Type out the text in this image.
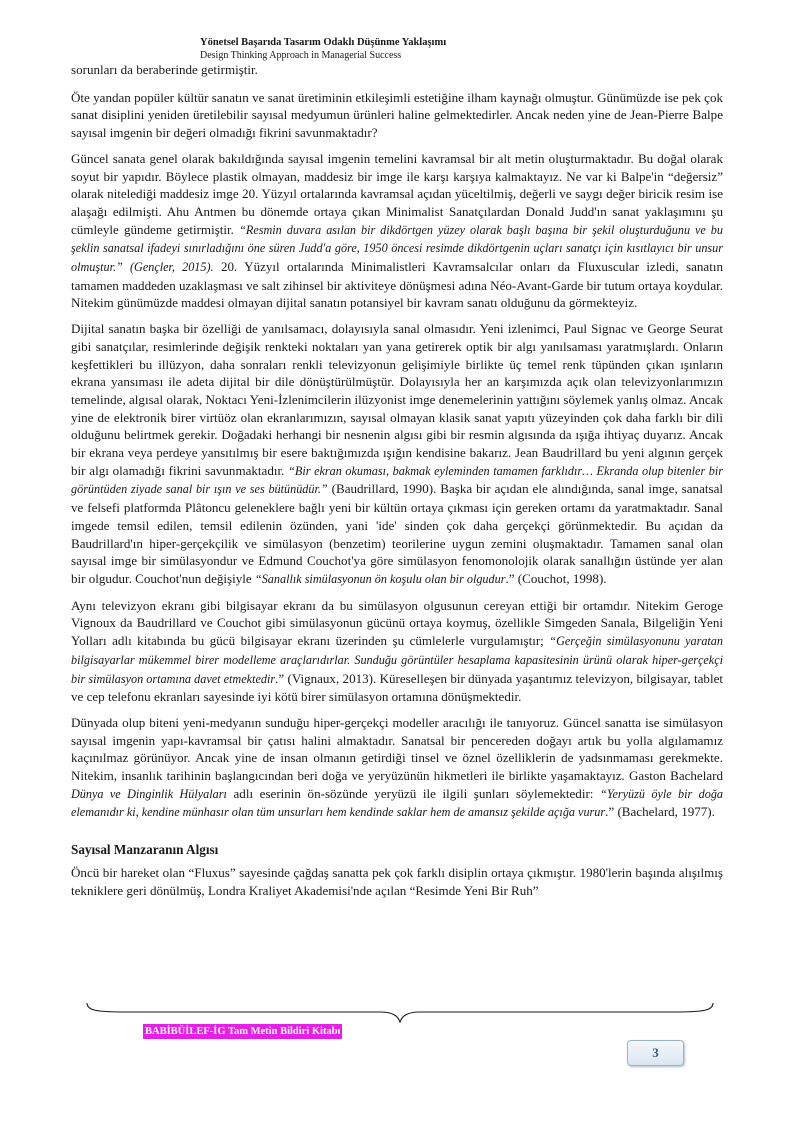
Yönetsel Başarıda Tasarım Odaklı Düşünme Yaklaşımı
Design Thinking Approach in Managerial Success

sorunları da beraberinde getirmiştir.

Öte yandan popüler kültür sanatın ve sanat üretiminin etkileşimli estetiğine ilham kaynağı olmuştur. Günümüzde ise pek çok sanat disiplini yeniden üretilebilir sayısal medyumun ürünleri haline gelmektedirler. Ancak neden yine de Jean-Pierre Balpe sayısal imgenin bir değeri olmadığı fikrini savunmaktadır?

Güncel sanata genel olarak bakıldığında sayısal imgenin temelini kavramsal bir alt metin oluşturmaktadır. Bu doğal olarak soyut bir yapıdır. Böylece plastik olmayan, maddesiz bir imge ile karşı karşıya kalmaktayız. Ne var ki Balpe'in “değersiz” olarak nitelediği maddesiz imge 20. Yüzyıl ortalarında kavramsal açıdan yüceltilmiş, değerli ve saygı değer biricik resim ise alaşağı edilmişti. Ahu Antmen bu dönemde ortaya çıkan Minimalist Sanatçılardan Donald Judd'ın sanat yaklaşımını şu cümleyle gündeme getirmiştir. “Resmin duvara asılan bir dikdörtgen yüzey olarak başlı başına bir şekil oluşturduğunu ve bu şeklin sanatsal ifadeyi sınırladığını öne süren Judd'a göre, 1950 öncesi resimde dikdörtgenin uçları sanatçı için kısıtlayıcı bir unsur olmuştur.” (Gençler, 2015). 20. Yüzyıl ortalarında Minimalistleri Kavramsalcılar onları da Fluxuscular izledi, sanatın tamamen maddeden uzaklaşması ve salt zihinsel bir aktiviteye dönüşmesi adına Néo-Avant-Garde bir tutum ortaya koydular. Nitekim günümüzde maddesi olmayan dijital sanatın potansiyel bir kavram sanatı olduğunu da görmekteyiz.

Dijital sanatın başka bir özelliği de yanılsamacı, dolayısıyla sanal olmasıdır. Yeni izlenimci, Paul Signac ve George Seurat gibi sanatçılar, resimlerinde değişik renkteki noktaları yan yana getirerek optik bir algı yanılsaması yaratmışlardı. Onların keşfettikleri bu illüzyon, daha sonraları renkli televizyonun gelişimiyle birlikte üç temel renk tüpünden çıkan ışınların ekrana yansıması ile adeta dijital bir dile dönüştürülmüştür. Dolayısıyla her an karşımızda açık olan televizyonlarımızın temelinde, algısal olarak, Noktacı Yeni-İzlenimcilerin ilüzyonist imge denemelerinin yattığını söylemek yanlış olmaz. Ancak yine de elektronik birer virtüöz olan ekranlarımızın, sayısal olmayan klasik sanat yapıtı yüzeyinden çok daha farklı bir dili olduğunu belirtmek gerekir. Doğadaki herhangi bir nesnenin algısı gibi bir resmin algısında da ışığa ihtiyaç duyarız. Ancak bir ekrana veya perdeye yansıtılmış bir esere baktığımızda ışığın kendisine bakarız. Jean Baudrillard bu yeni algının gerçek bir algı olamadığı fikrini savunmaktadır. “Bir ekran okuması, bakmak eyleminden tamamen farklıdır… Ekranda olup bitenler bir görüntüden ziyade sanal bir ışın ve ses bütünüdür.” (Baudrillard, 1990). Başka bir açıdan ele alındığında, sanal imge, sanatsal ve felsefi platformda Plâtoncu geleneklere bağlı yeni bir kültün ortaya çıkması için gereken ortamı da yaratmaktadır. Sanal imgede temsil edilen, temsil edilenin özünden, yani 'ide' sinden çok daha gerçekçi görünmektedir. Bu açıdan da Baudrillard'ın hiper-gerçekçilik ve simülasyon (benzetim) teorilerine uygun zemini oluşmaktadır. Tamamen sanal olan sayısal imge bir simülasyondur ve Edmund Couchot'ya göre simülasyon fenomonolojik olarak sanallığın üstünde yer alan bir olgudur. Couchot'nun değişiyle “Sanallık simülasyonun ön koşulu olan bir olgudur.” (Couchot, 1998).

Aynı televizyon ekranı gibi bilgisayar ekranı da bu simülasyon olgusunun cereyan ettiği bir ortamdır. Nitekim Geroge Vignoux da Baudrillard ve Couchot gibi simülasyonun gücünü ortaya koymuş, özellikle Simgeden Sanala, Bilgeliğin Yeni Yolları adlı kitabında bu gücü bilgisayar ekranı üzerinden şu cümlelerle vurgulamıştır; “Gerçeğin simülasyonunu yaratan bilgisayarlar mükemmel birer modelleme araçlarıdırlar. Sunduğu görüntüler hesaplama kapasitesinin ürünü olarak hiper-gerçekçi bir simülasyon ortamına davet etmektedir.” (Vignaux, 2013). Küreselleşen bir dünyada yaşantımız televizyon, bilgisayar, tablet ve cep telefonu ekranları sayesinde iyi kötü birer simülasyon ortamına dönüşmektedir.

Dünyada olup biteni yeni-medyanın sunduğu hiper-gerçekçi modeller aracılığı ile tanıyoruz. Güncel sanatta ise simülasyon sayısal imgenin yapı-kavramsal bir çatısı halini almaktadır. Sanatsal bir pencereden doğayı artık bu yolla algılamamız kaçınılmaz görünüyor. Ancak yine de insan olmanın getirdiği tinsel ve öznel özelliklerin de yadsınmaması gerekmekte. Nitekim, insanlık tarihinin başlangıcından beri doğa ve yeryüzünün hikmetleri ile birlikte yaşamaktayız. Gaston Bachelard Dünya ve Dinginlik Hülyaları adlı eserinin ön-sözünde yeryüzü ile ilgili şunları söylemektedir: “Yeryüzü öyle bir doğa elemanıdır ki, kendine münhasır olan tüm unsurları hem kendinde saklar hem de amansız şekilde açığa vurur.” (Bachelard, 1977).

Sayısal Manzaranın Algısı

Öncü bir hareket olan “Fluxus” sayesinde çağdaş sanatta pek çok farklı disiplin ortaya çıkmıştır. 1980'lerin başında alışılmış tekniklere geri dönülmüş, Londra Kraliyet Akademisi'nde açılan “Resimde Yeni Bir Ruh”

BABİBÜİLEF-İG Tam Metin Bildiri Kitabı
3
